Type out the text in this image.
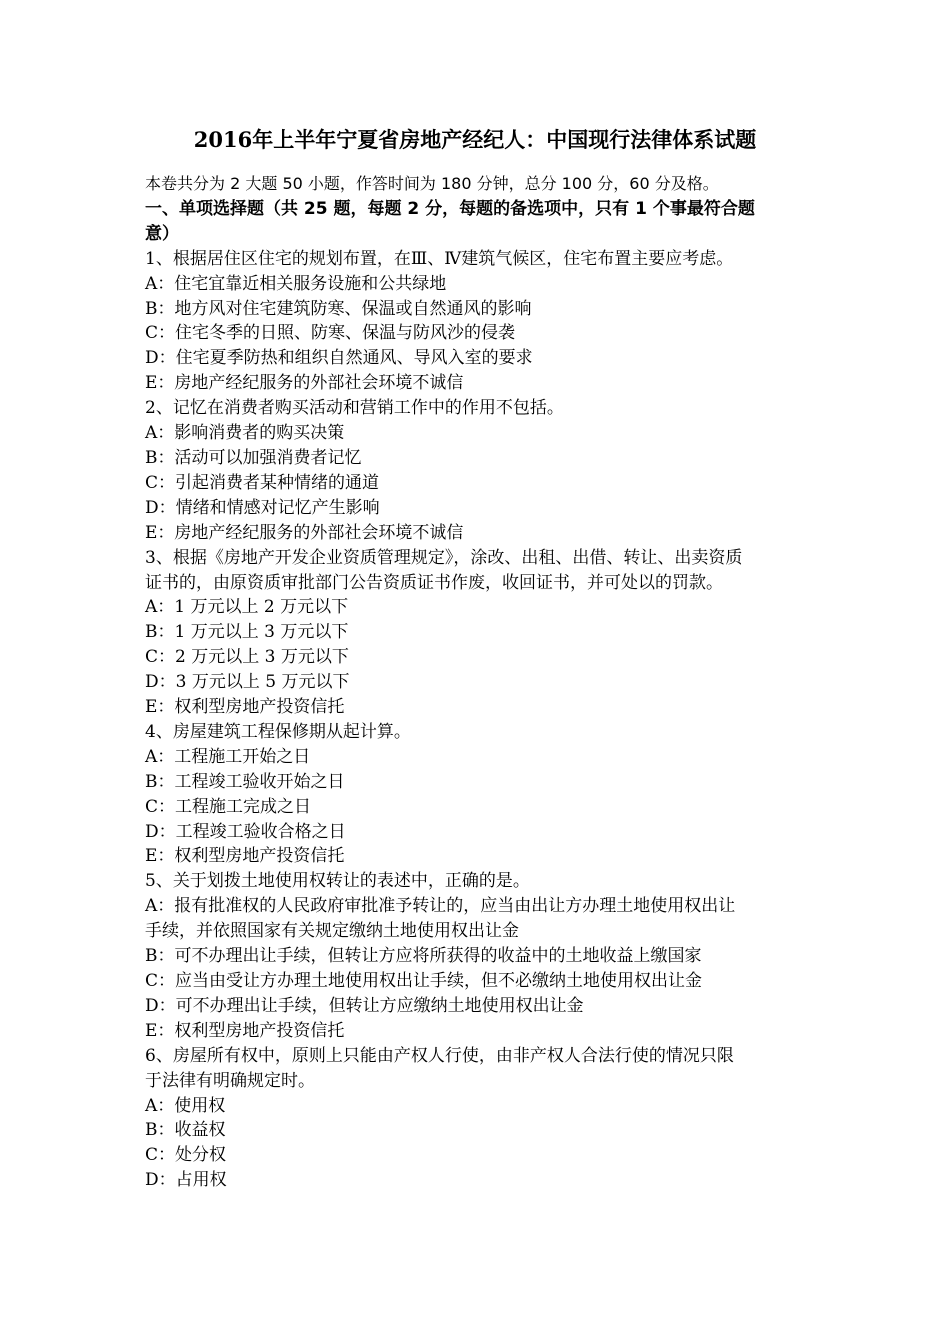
2016年上半年宁夏省房地产经纪人：中国现行法律体系试题
本卷共分为 2 大题 50 小题，作答时间为 180 分钟，总分 100 分，60 分及格。
一、单项选择题（共 25 题，每题 2 分，每题的备选项中，只有 1 个事最符合题
意）
1、根据居住区住宅的规划布置，在Ⅲ、Ⅳ建筑气候区，住宅布置主要应考虑。
A：住宅宜靠近相关服务设施和公共绿地
B：地方风对住宅建筑防寒、保温或自然通风的影响
C：住宅冬季的日照、防寒、保温与防风沙的侵袭
D：住宅夏季防热和组织自然通风、导风入室的要求
E：房地产经纪服务的外部社会环境不诚信
2、记忆在消费者购买活动和营销工作中的作用不包括。
A：影响消费者的购买决策
B：活动可以加强消费者记忆
C：引起消费者某种情绪的通道
D：情绪和情感对记忆产生影响
E：房地产经纪服务的外部社会环境不诚信
3、根据《房地产开发企业资质管理规定》，涂改、出租、出借、转让、出卖资质
证书的，由原资质审批部门公告资质证书作废，收回证书，并可处以的罚款。
A：1 万元以上 2 万元以下
B：1 万元以上 3 万元以下
C：2 万元以上 3 万元以下
D：3 万元以上 5 万元以下
E：权利型房地产投资信托
4、房屋建筑工程保修期从起计算。
A：工程施工开始之日
B：工程竣工验收开始之日
C：工程施工完成之日
D：工程竣工验收合格之日
E：权利型房地产投资信托
5、关于划拨土地使用权转让的表述中，正确的是。
A：报有批准权的人民政府审批准予转让的，应当由出让方办理土地使用权出让
手续，并依照国家有关规定缴纳土地使用权出让金
B：可不办理出让手续，但转让方应将所获得的收益中的土地收益上缴国家
C：应当由受让方办理土地使用权出让手续，但不必缴纳土地使用权出让金
D：可不办理出让手续，但转让方应缴纳土地使用权出让金
E：权利型房地产投资信托
6、房屋所有权中，原则上只能由产权人行使，由非产权人合法行使的情况只限
于法律有明确规定时。
A：使用权
B：收益权
C：处分权
D：占用权
